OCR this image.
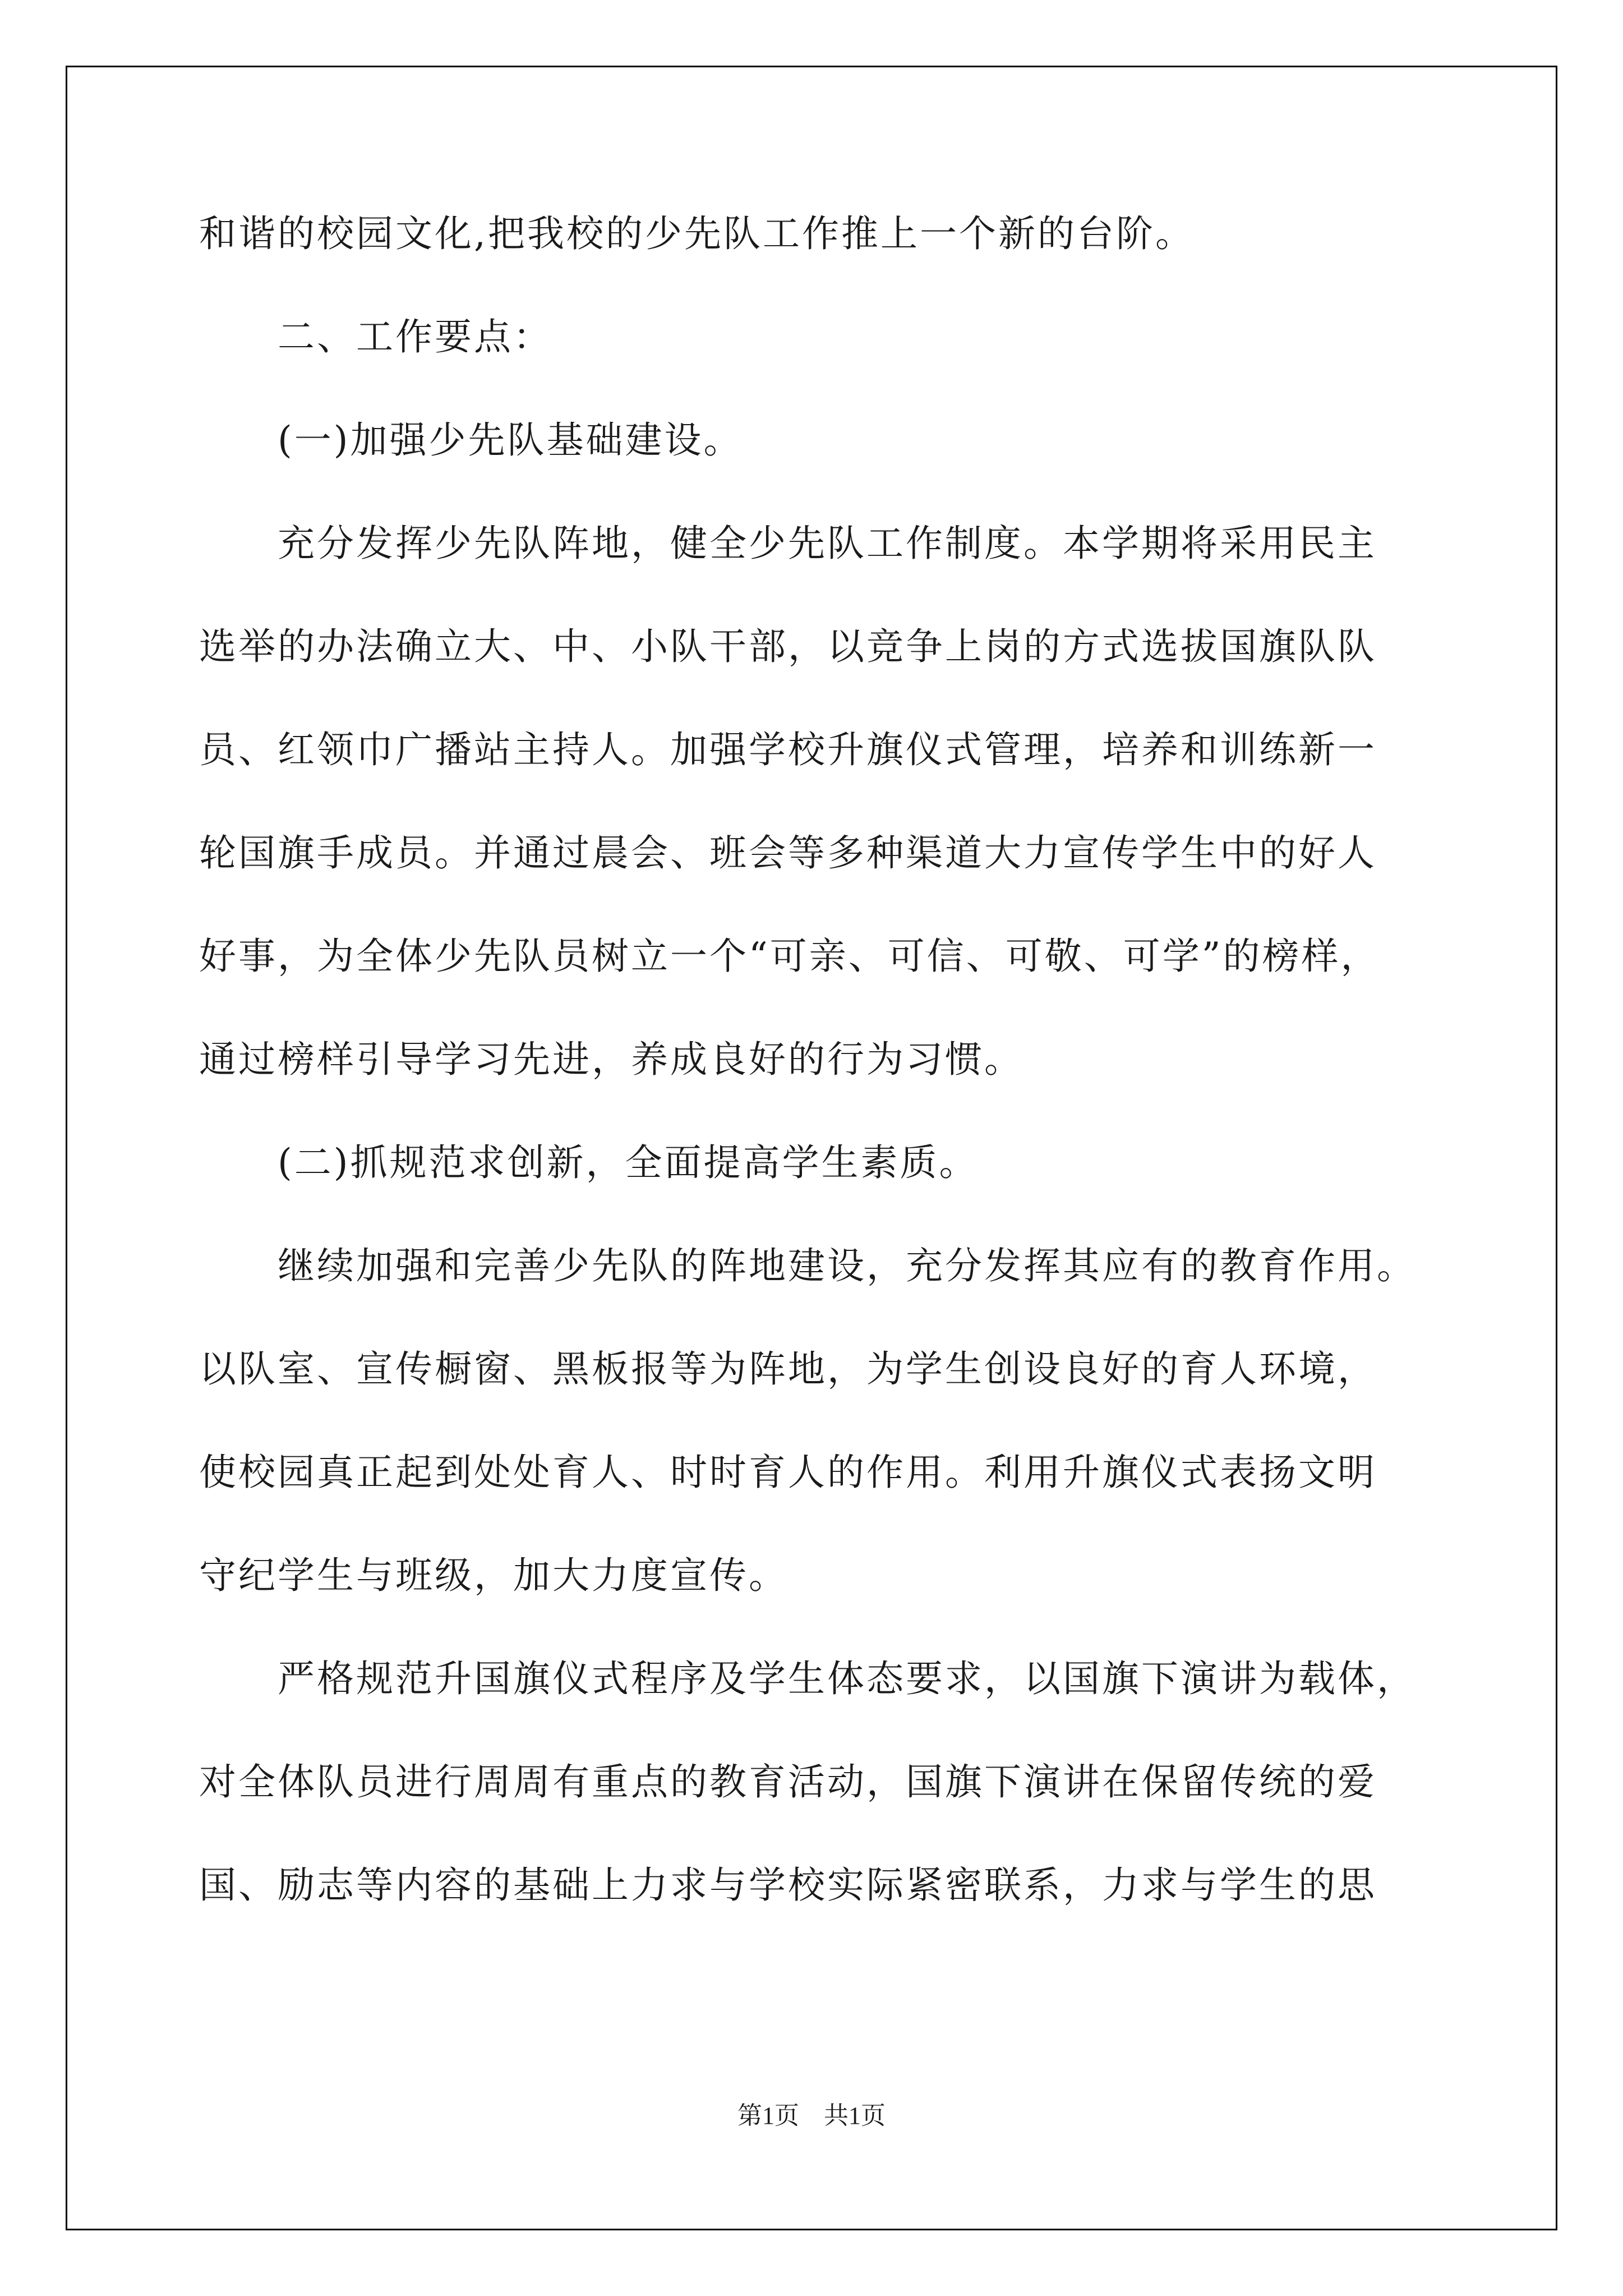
和谐的校园文化,把我校的少先队工作推上一个新的台阶。
　　二、工作要点：
　　(一)加强少先队基础建设。
　　充分发挥少先队阵地，健全少先队工作制度。本学期将采用民主
选举的办法确立大、中、小队干部，以竞争上岗的方式选拔国旗队队
员、红领巾广播站主持人。加强学校升旗仪式管理，培养和训练新一
轮国旗手成员。并通过晨会、班会等多种渠道大力宣传学生中的好人
好事，为全体少先队员树立一个“可亲、可信、可敬、可学”的榜样，
通过榜样引导学习先进，养成良好的行为习惯。
　　(二)抓规范求创新，全面提高学生素质。
　　继续加强和完善少先队的阵地建设，充分发挥其应有的教育作用。
以队室、宣传橱窗、黑板报等为阵地，为学生创设良好的育人环境，
使校园真正起到处处育人、时时育人的作用。利用升旗仪式表扬文明
守纪学生与班级，加大力度宣传。
　　严格规范升国旗仪式程序及学生体态要求，以国旗下演讲为载体，
对全体队员进行周周有重点的教育活动，国旗下演讲在保留传统的爱
国、励志等内容的基础上力求与学校实际紧密联系，力求与学生的思
第1页　共1页
